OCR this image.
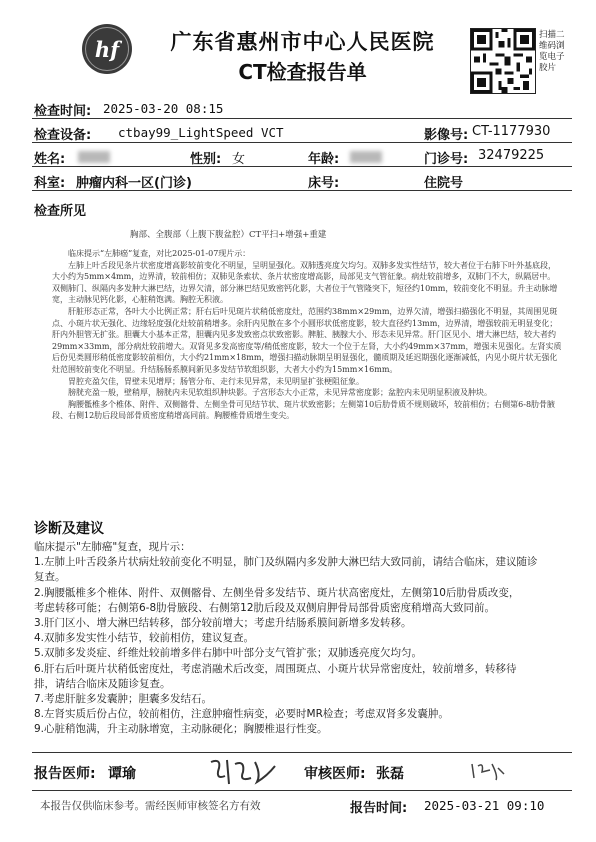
hf	广东省惠州市中心人民医院
CT检查报告单
扫描二维码浏览电子胶片
检查时间: 2025-03-20 08:15
检查设备: ctbay99_LightSpeed VCT	影像号: CT-1177930
姓名:	性别: 女	年龄:	门诊号: 32479225
科室: 肿瘤内科一区(门诊)	床号:	住院号
检查所见
胸部、全腹部（上腹下腹盆腔）CT平扫+增强+重建

临床提示“左肺癌”复查，对比2025-01-07现片示：

左肺上叶舌段见条片状密度增高影较前变化不明显，呈明显强化。双肺透亮度欠均匀。双肺多发实性结节，较大者位于右肺下叶外基底段，大小约为5mm×4mm，边界清，较前相仿；双肺见条索状、条片状密度增高影，局部见支气管征象。病灶较前增多，双肺门不大，纵隔居中。双侧肺门、纵隔内多发肿大淋巴结，边界欠清，部分淋巴结见致密钙化影，大者位于气管隆突下，短径约10mm，较前变化不明显。升主动脉增宽，主动脉见钙化影，心脏稍饱满。胸腔无积液。

肝脏形态正常，各叶大小比例正常；肝右后叶见斑片状稍低密度灶，范围约38mm×29mm，边界欠清，增强扫描强化不明显，其周围见斑点、小斑片状无强化、边缘轻度强化灶较前稍增多。余肝内见散在多个小圆形状低密度影，较大直径约13mm，边界清，增强较前无明显变化；肝内外胆管无扩张。胆囊大小基本正常，胆囊内见多发致密点状致密影。脾脏、胰腺大小、形态未见异常。肝门区见小、增大淋巴结，较大者约29mm×33mm，部分病灶较前增大。双肾见多发高密度等/稍低密度影，较大一个位于左肾，大小约49mm×37mm，增强未见强化。左肾实质后份见类圆形稍低密度影较前相仿，大小约21mm×18mm，增强扫描动脉期呈明显强化，髓质期及延迟期强化逐渐减低，内见小斑片状无强化灶范围较前变化不明显。升结肠肠系膜间新见多发结节软组织影，大者大小约为15mm×16mm。

胃腔充盈欠佳，胃壁未见增厚；肠管分布、走行未见异常，未见明显扩张梗阻征象。

膀胱充盈一般，壁稍厚，膀胱内未见软组织肿块影。子宫形态大小正常，未见异常密度影；盆腔内未见明显积液及肿块。

胸腰骶椎多个椎体、附件、双侧髂骨、左侧坐骨可见结节状、斑片状致密影；左侧第10后肋骨质不规则破坏，较前相仿；右侧第6-8肋骨腋段、右侧12肋后段局部骨质密度稍增高同前。胸腰椎骨质增生变尖。

诊断及建议
临床提示"左肺癌"复查，现片示：
1.左肺上叶舌段条片状病灶较前变化不明显，肺门及纵隔内多发肿大淋巴结大致同前，请结合临床，建议随诊
复查。
2.胸腰骶椎多个椎体、附件、双侧髂骨、左侧坐骨多发结节、斑片状高密度灶，左侧第10后肋骨质改变，
考虑转移可能；右侧第6-8肋骨腋段、右侧第12肋后段及双侧肩胛骨局部骨质密度稍增高大致同前。
3.肝门区小、增大淋巴结转移，部分较前增大；考虑升结肠系膜间新增多发转移。
4.双肺多发实性小结节，较前相仿，建议复查。
5.双肺多发炎症、纤维灶较前增多伴右肺中叶部分支气管扩张；双肺透亮度欠均匀。
6.肝右后叶斑片状稍低密度灶，考虑消融术后改变，周围斑点、小斑片状异常密度灶，较前增多，转移待
排，请结合临床及随诊复查。
7.考虑肝脏多发囊肿；胆囊多发结石。
8.左肾实质后份占位，较前相仿，注意肿瘤性病变，必要时MR检查；考虑双肾多发囊肿。
9.心脏稍饱满，升主动脉增宽，主动脉硬化；胸腰椎退行性变。
报告医师: 谭瑜	审核医师: 张磊
本报告仅供临床参考。需经医师审核签名方有效	报告时间: 2025-03-21 09:10
